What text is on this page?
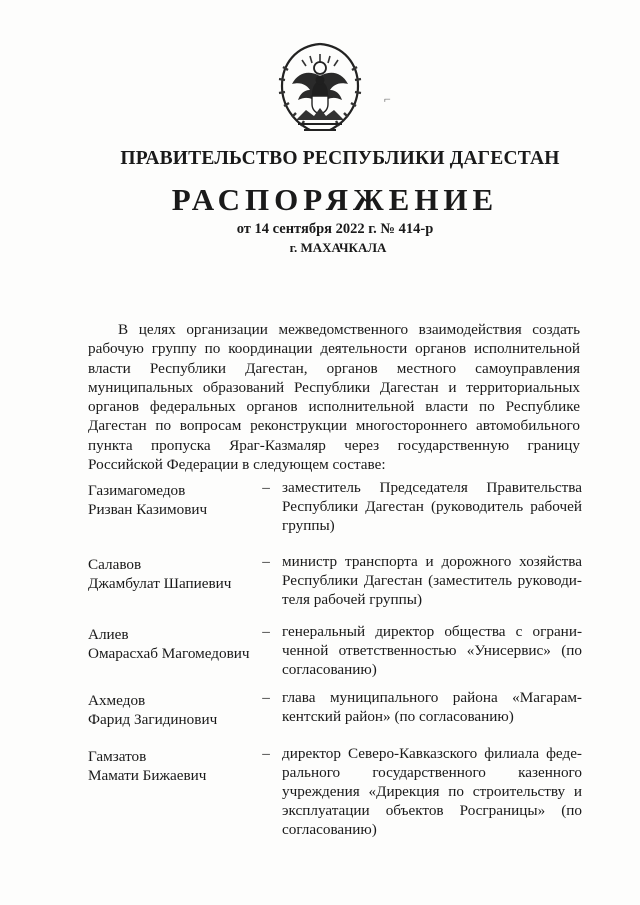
⌐
ПРАВИТЕЛЬСТВО РЕСПУБЛИКИ ДАГЕСТАН
РАСПОРЯЖЕНИЕ
от 14 сентября 2022 г. № 414-р
г. МАХАЧКАЛА
В целях организации межведомственного взаимодействия создать рабочую группу по координации деятельности органов исполнительной власти Республики Дагестан, органов местного самоуправления муниципальных образований Республики Дагестан и территориальных органов федеральных органов исполнительной власти по Республике Дагестан по вопросам реконструкции многостороннего автомобильного пункта пропуска Яраг-Казмаляр через государственную границу Российской Федерации в следующем составе:
Газимагомедов
Ризван Казимович
– заместитель Председателя Правительства Республики Дагестан (руководитель рабочей группы)
Салавов
Джамбулат Шапиевич
– министр транспорта и дорожного хозяйства Республики Дагестан (заместитель руководи-теля рабочей группы)
Алиев
Омарасхаб Магомедович
– генеральный директор общества с ограни-ченной ответственностью «Унисервис» (по согласованию)
Ахмедов
Фарид Загидинович
– глава муниципального района «Магарам-кентский район» (по согласованию)
Гамзатов
Мамати Бижаевич
– директор Северо-Кавказского филиала феде-рального государственного казенного учреждения «Дирекция по строительству и эксплуатации объектов Росграницы» (по согласованию)
